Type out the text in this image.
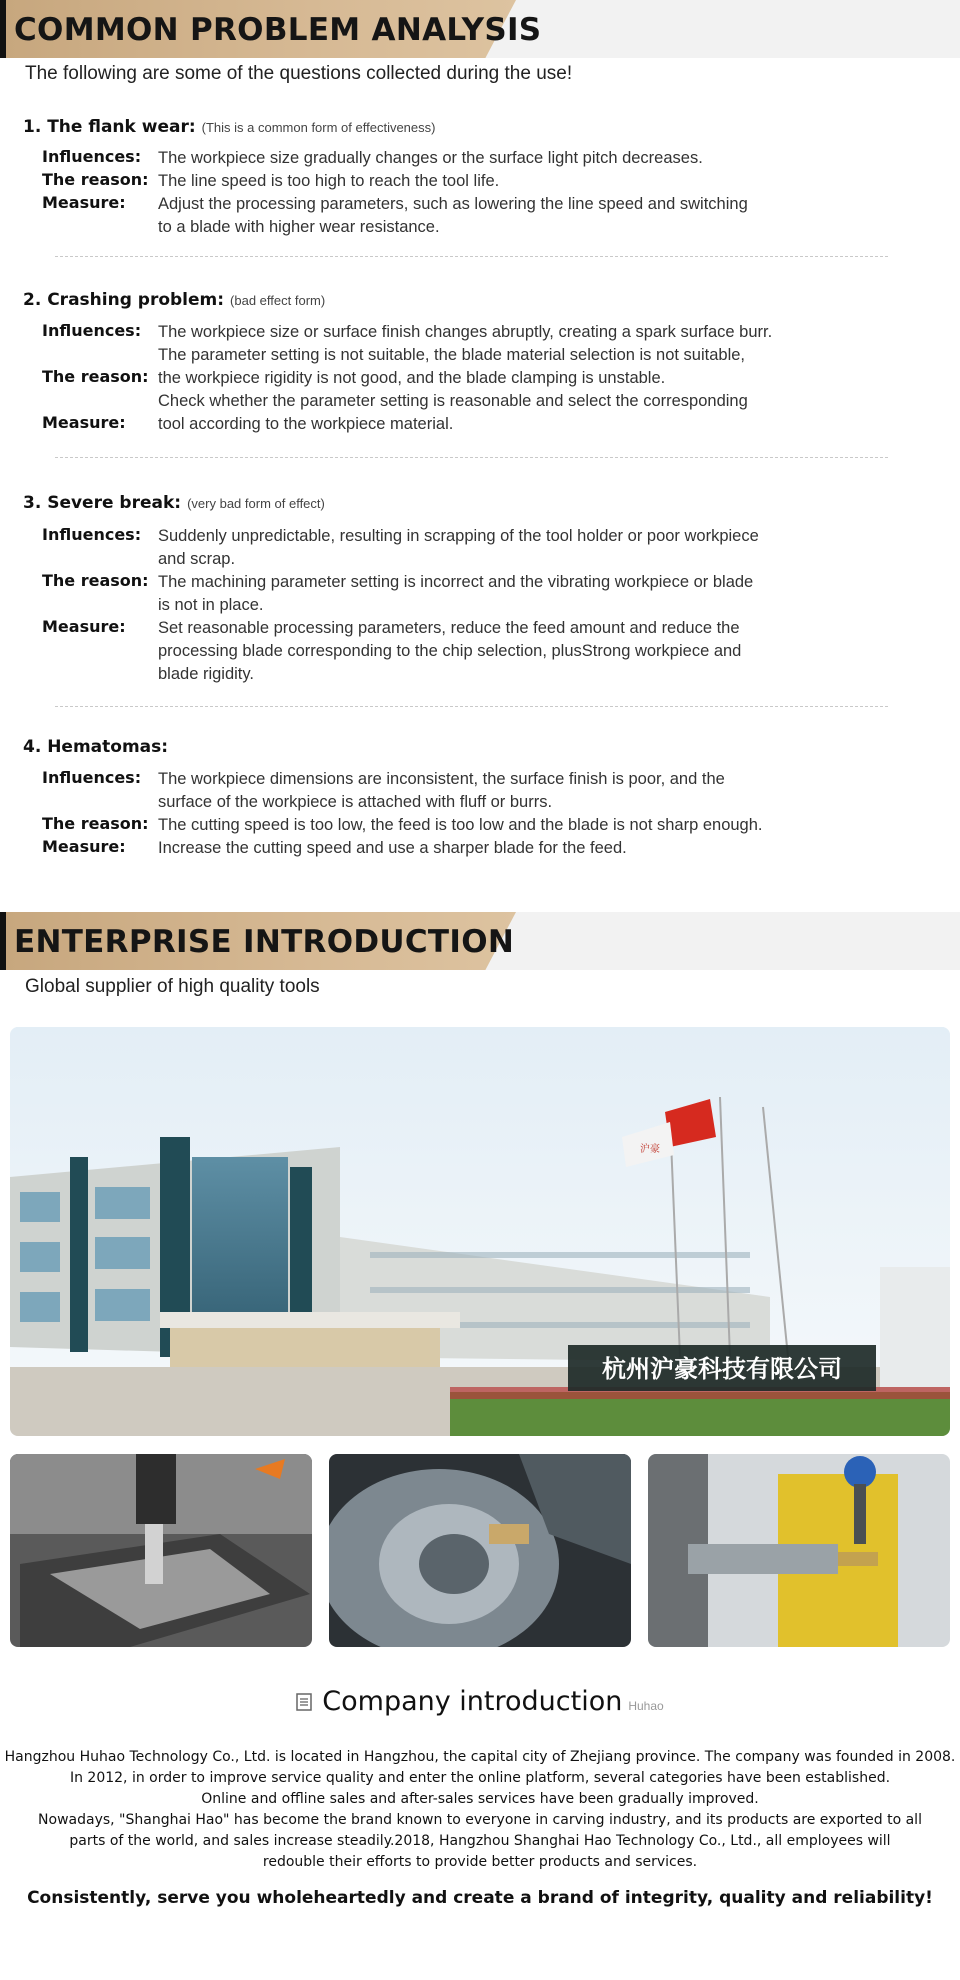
COMMON PROBLEM ANALYSIS
The following are some of the questions collected during the use!
1. The flank wear: (This is a common form of effectiveness)
Influences:	The workpiece size gradually changes or the surface light pitch decreases.
The reason: The line speed is too high to reach the tool life.
Measure:	Adjust the processing parameters, such as lowering the line speed and switching
to a blade with higher wear resistance.
2. Crashing problem: (bad effect form)
Influences:	The workpiece size or surface finish changes abruptly, creating a spark surface burr.
The reason:
The parameter setting is not suitable, the blade material selection is not suitable,
the workpiece rigidity is not good, and the blade clamping is unstable.
Measure:
Check whether the parameter setting is reasonable and select the corresponding
tool according to the workpiece material.
3. Severe break: (very bad form of effect)
Influences:	Suddenly unpredictable, resulting in scrapping of the tool holder or poor workpiece
and scrap.
The reason: The machining parameter setting is incorrect and the vibrating workpiece or blade
is not in place.
Measure:	Set reasonable processing parameters, reduce the feed amount and reduce the
processing blade corresponding to the chip selection, plusStrong workpiece and
blade rigidity.
4. Hematomas:
Influences:	The workpiece dimensions are inconsistent, the surface finish is poor, and the
surface of the workpiece is attached with fluff or burrs.
The reason: The cutting speed is too low, the feed is too low and the blade is not sharp enough.
Measure:	Increase the cutting speed and use a sharper blade for the feed.
ENTERPRISE INTRODUCTION
Global supplier of high quality tools
杭州沪豪科技有限公司
沪豪
Company introduction Huhao
Hangzhou Huhao Technology Co., Ltd. is located in Hangzhou, the capital city of Zhejiang province. The company was founded in 2008.
In 2012, in order to improve service quality and enter the online platform, several categories have been established.
Online and offline sales and after-sales services have been gradually improved.
Nowadays, "Shanghai Hao" has become the brand known to everyone in carving industry, and its products are exported to all
parts of the world, and sales increase steadily.2018, Hangzhou Shanghai Hao Technology Co., Ltd., all employees will
redouble their efforts to provide better products and services.
Consistently, serve you wholeheartedly and create a brand of integrity, quality and reliability!
